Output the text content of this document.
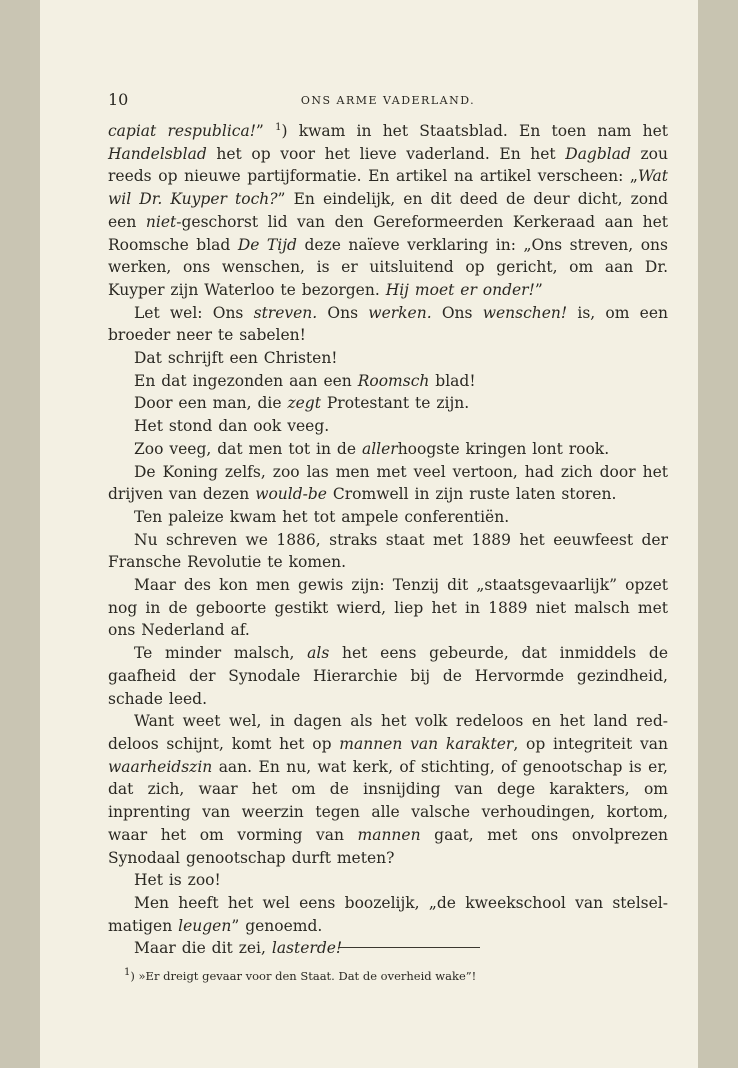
10	ONS ARME VADERLAND.

capiat respublica!” $^1$) kwam in het Staatsblad. En toen nam het Handelsblad het op voor het lieve vaderland. En het Dagblad zou reeds op nieuwe partijformatie. En artikel na artikel verscheen: „Wat wil Dr. Kuyper toch?” En eindelijk, en dit deed de deur dicht, zond een niet-geschorst lid van den Gereformeerden Kerkeraad aan het Roomsche blad De Tijd deze naïeve verklaring in: „Ons streven, ons werken, ons wenschen, is er uitsluitend op gericht, om aan Dr. Kuyper zijn Waterloo te bezorgen. Hij moet er onder!”

Let wel: Ons streven. Ons werken. Ons wenschen! is, om een broeder neer te sabelen!

Dat schrijft een Christen!

En dat ingezonden aan een Roomsch blad!

Door een man, die zegt Protestant te zijn.

Het stond dan ook veeg.

Zoo veeg, dat men tot in de allerhoogste kringen lont rook.

De Koning zelfs, zoo las men met veel vertoon, had zich door het drijven van dezen would-be Cromwell in zijn ruste laten storen.

Ten paleize kwam het tot ampele conferentiën.

Nu schreven we 1886, straks staat met 1889 het eeuwfeest der Fransche Revolutie te komen.

Maar des kon men gewis zijn: Tenzij dit „staatsgevaarlijk” opzet nog in de geboorte gestikt wierd, liep het in 1889 niet malsch met ons Nederland af.

Te minder malsch, als het eens gebeurde, dat inmiddels de gaafheid der Synodale Hierarchie bij de Hervormde gezindheid, schade leed.

Want weet wel, in dagen als het volk redeloos en het land red-deloos schijnt, komt het op mannen van karakter, op integriteit van waarheidszin aan. En nu, wat kerk, of stichting, of genootschap is er, dat zich, waar het om de insnijding van dege karakters, om inprenting van weerzin tegen alle valsche verhoudingen, kortom, waar het om vorming van mannen gaat, met ons onvolprezen Synodaal genootschap durft meten?

Het is zoo!

Men heeft het wel eens boozelijk, „de kweekschool van stelsel-matigen leugen” genoemd.

Maar die dit zei, lasterde!

$^1$) »Er dreigt gevaar voor den Staat. Dat de overheid wake”!
